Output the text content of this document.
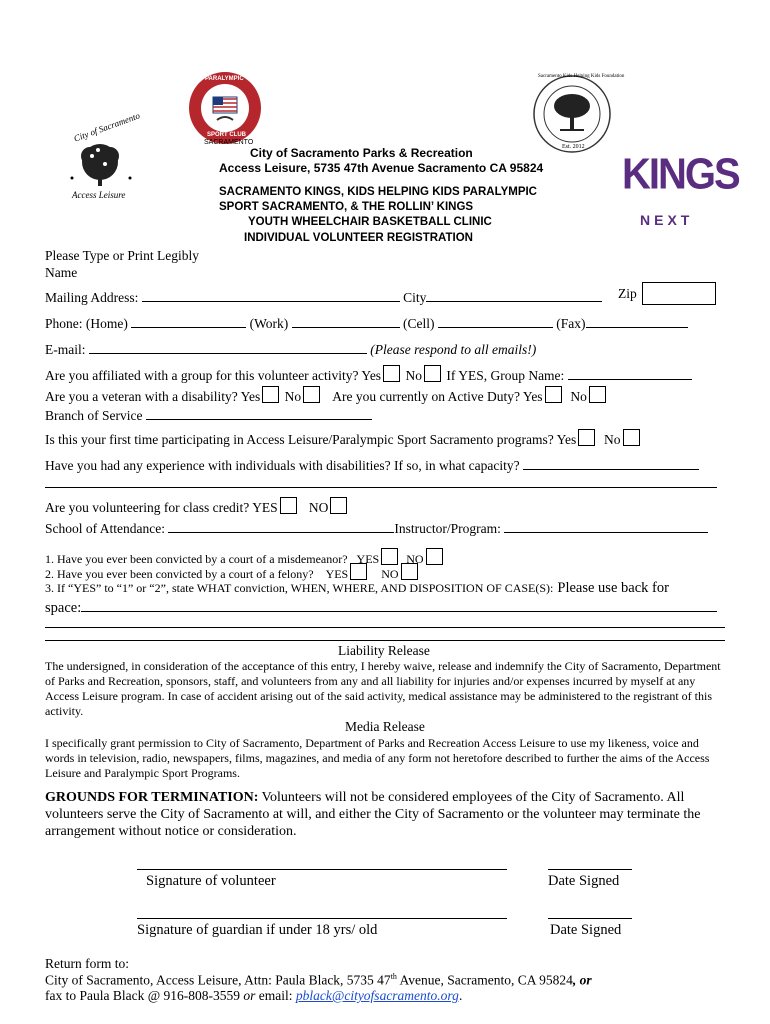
PARALYMPIC
SPORT CLUB
SACRAMENTO
City of Sacramento
Access Leisure
Sacramento Kids Helping Kids Foundation
Est. 2012
KINGS
NEXT
City of Sacramento Parks & Recreation
Access Leisure, 5735 47th Avenue Sacramento CA 95824
SACRAMENTO KINGS, KIDS HELPING KIDS PARALYMPIC
SPORT SACRAMENTO, & THE ROLLIN’ KINGS
YOUTH WHEELCHAIR BASKETBALL CLINIC
INDIVIDUAL VOLUNTEER REGISTRATION
Please Type or Print Legibly
Name
Mailing Address:	City	Zip
Phone: (Home)	(Work)	(Cell)	(Fax)
E-mail:	(Please respond to all emails!)
Are you affiliated with a group for this volunteer activity? Yes No If YES, Group Name:
Are you a veteran with a disability? Yes No Are you currently on Active Duty? Yes No
Branch of Service
Is this your first time participating in Access Leisure/Paralympic Sport Sacramento programs? Yes No
Have you had any experience with individuals with disabilities? If so, in what capacity?
Are you volunteering for class credit? YES NO
School of Attendance:	Instructor/Program:
1. Have you ever been convicted by a court of a misdemeanor? YES NO
2. Have you ever been convicted by a court of a felony? YES	NO
3. If “YES” to “1” or “2”, state WHAT conviction, WHEN, WHERE, AND DISPOSITION OF CASE(S): Please use back for
space:
Liability Release
The undersigned, in consideration of the acceptance of this entry, I hereby waive, release and indemnify the City of Sacramento, Department of Parks and Recreation, sponsors, staff, and volunteers from any and all liability for injuries and/or expenses incurred by myself at any Access Leisure program. In case of accident arising out of the said activity, medical assistance may be administered to the registrant of this activity.
Media Release
I specifically grant permission to City of Sacramento, Department of Parks and Recreation Access Leisure to use my likeness, voice and words in television, radio, newspapers, films, magazines, and media of any form not heretofore described to further the aims of the Access Leisure and Paralympic Sport Programs.
GROUNDS FOR TERMINATION: Volunteers will not be considered employees of the City of Sacramento. All volunteers serve the City of Sacramento at will, and either the City of Sacramento or the volunteer may terminate the arrangement without notice or consideration.
Signature of volunteer	Date Signed
Signature of guardian if under 18 yrs/ old	Date Signed
Return form to:
City of Sacramento, Access Leisure, Attn: Paula Black, 5735 47th Avenue, Sacramento, CA 95824, or
fax to Paula Black @ 916-808-3559 or email: pblack@cityofsacramento.org.
